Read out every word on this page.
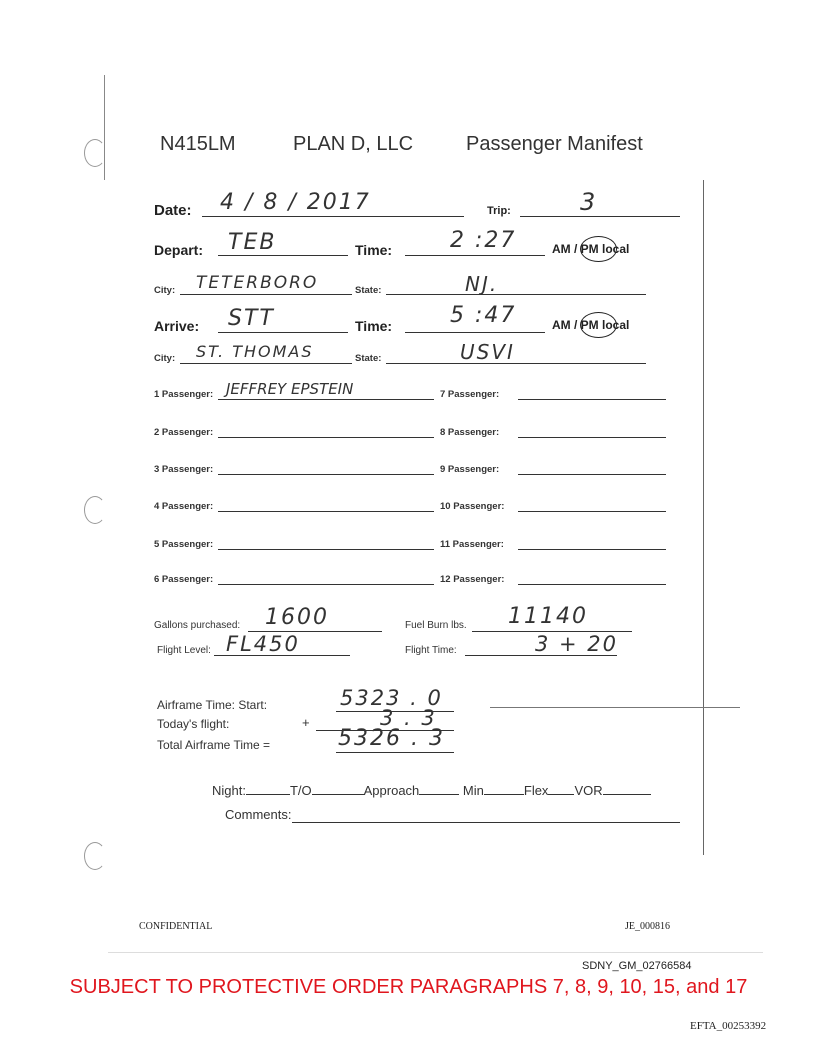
N415LM	PLAN D, LLC	Passenger Manifest
Date: 4 / 8 / 2017	Trip:	3
Depart: TEB	Time:	2 :27	AM / PM local
City: TETERBORO	State:	NJ.
Arrive: STT	Time:	5 :47	AM / PM local
City: ST. THOMAS	State:	USVI
1 Passenger: JEFFREY EPSTEIN
2 Passenger:
3 Passenger:
4 Passenger:
5 Passenger:
6 Passenger:
7 Passenger:
8 Passenger:
9 Passenger:
10 Passenger:
11 Passenger:
12 Passenger:
Gallons purchased: 1600	Fuel Burn lbs. 11140
Flight Level: FL450	Flight Time:	3 + 20
Airframe Time: Start:	5323 . 0
Today's flight:	+	3 . 3
Total Airframe Time =	5326 . 3
Night:	T/O	Approach	Min	Flex VOR
Comments:
CONFIDENTIAL	JE_000816
SDNY_GM_02766584
SUBJECT TO PROTECTIVE ORDER PARAGRAPHS 7, 8, 9, 10, 15, and 17
EFTA_00253392
